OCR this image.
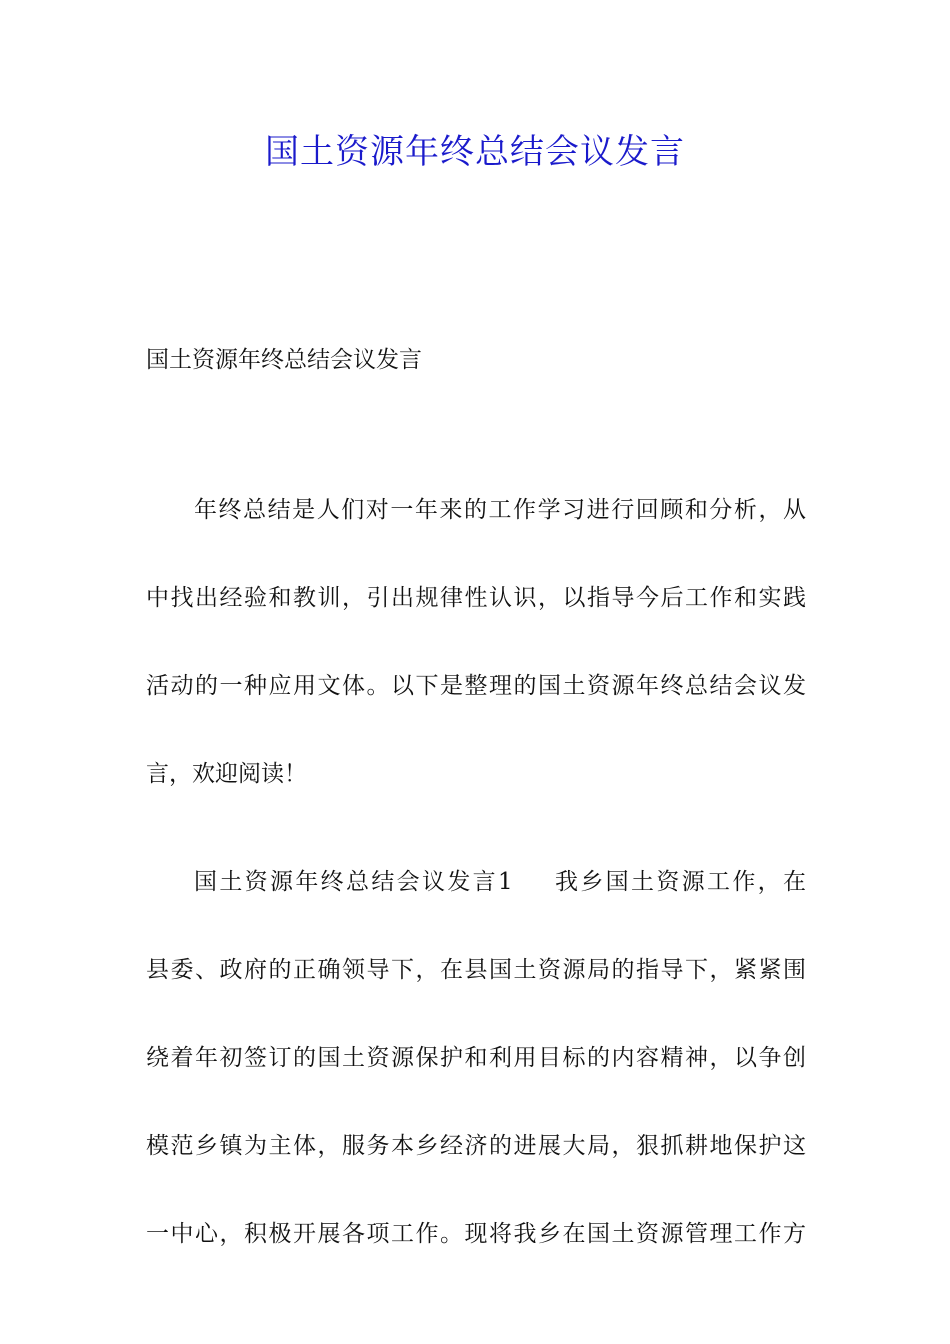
国土资源年终总结会议发言

国土资源年终总结会议发言

年终总结是人们对一年来的工作学习进行回顾和分析，从
中找出经验和教训，引出规律性认识，以指导今后工作和实践
活动的一种应用文体。以下是整理的国土资源年终总结会议发
言，欢迎阅读！
国土资源年终总结会议发言1 我乡国土资源工作，在
县委、政府的正确领导下，在县国土资源局的指导下，紧紧围
绕着年初签订的国土资源保护和利用目标的内容精神，以争创
模范乡镇为主体，服务本乡经济的进展大局，狠抓耕地保护这
一中心，积极开展各项工作。现将我乡在国土资源管理工作方
